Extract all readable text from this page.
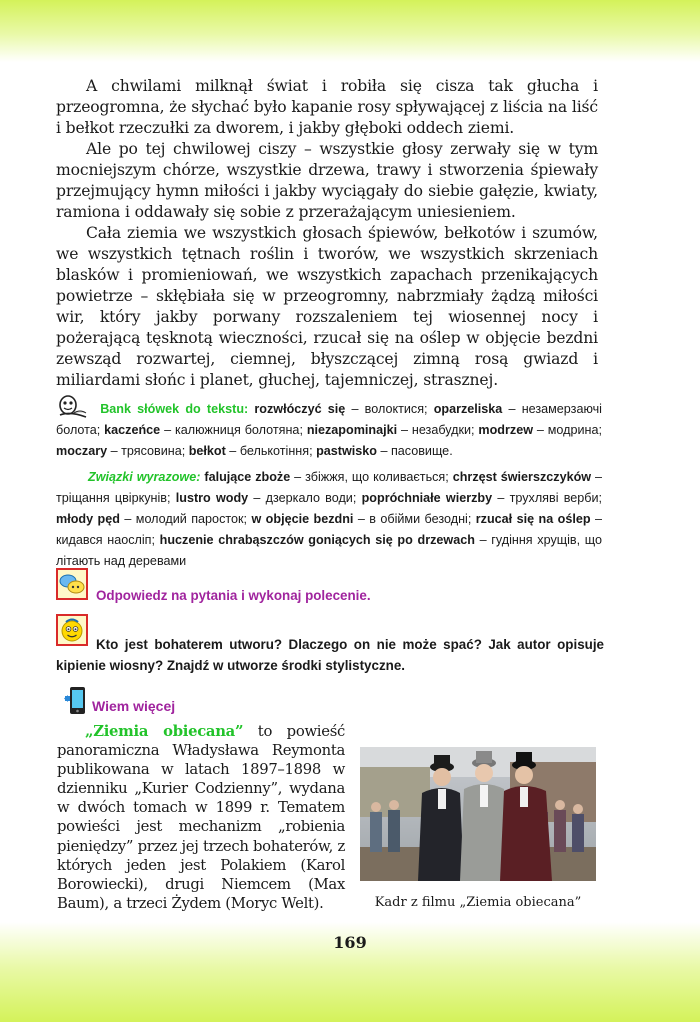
A chwilami milknął świat i robiła się cisza tak głucha i przeogromna, że słychać było kapanie rosy spływającej z liścia na liść i bełkot rzeczułki za dworem, i jakby głęboki oddech ziemi.

Ale po tej chwilowej ciszy – wszystkie głosy zerwały się w tym mocniejszym chórze, wszystkie drzewa, trawy i stworzenia śpiewały przejmujący hymn miłości i jakby wyciągały do siebie gałęzie, kwiaty, ramiona i oddawały się sobie z przerażającym uniesieniem.

Cała ziemia we wszystkich głosach śpiewów, bełkotów i szumów, we wszystkich tętnach roślin i tworów, we wszystkich skrzeniach blasków i promieniowań, we wszystkich zapachach przenikających powietrze – skłębiała się w przeogromny, nabrzmiały żądzą miłości wir, który jakby porwany rozszaleniem tej wiosennej nocy i pożerającą tęsknotą wieczności, rzucał się na oślep w objęcie bezdni zewsząd rozwartej, ciemnej, błyszczącej zimną rosą gwiazd i miliardami słońc i planet, głuchej, tajemniczej, strasznej.

Bank słówek do tekstu: rozwłóczyć się – волоктися; oparzeliska – незамерзаючі болота; kaczeńce – калюжниця болотяна; niezapominajki – незабудки; modrzew – модрина; moczary – трясовина; bełkot – белькотіння; pastwisko – пасовище.

Związki wyrazowe: falujące zboże – збіжжя, що коливається; chrzęst świerszczyków – тріщання цвіркунів; lustro wody – дзеркало води; popróchniałe wierzby – трухляві верби; młody pęd – молодий паросток; w objęcie bezdni – в обійми безодні; rzucał się na oślep – кидався наосліп; huczenie chrabąszczów goniących się po drzewach – гудіння хрущів, що літають над деревами

Odpowiedz na pytania i wykonaj polecenie.
Kto jest bohaterem utworu? Dlaczego on nie może spać? Jak autor opisuje kipienie wiosny? Znajdź w utworze środki stylistyczne.
Wiem więcej

„Ziemia obiecana” to powieść panoramiczna Władysława Reymonta publikowana w latach 1897–1898 w dzienniku „Kurier Codzienny”, wydana w dwóch tomach w 1899 r. Tematem powieści jest mechanizm „robienia pieniędzy” przez jej trzech bohaterów, z których jeden jest Polakiem (Karol Borowiecki), drugi Niemcem (Max Baum), a trzeci Żydem (Moryc Welt).	Kadr z filmu „Ziemia obiecana”
169
